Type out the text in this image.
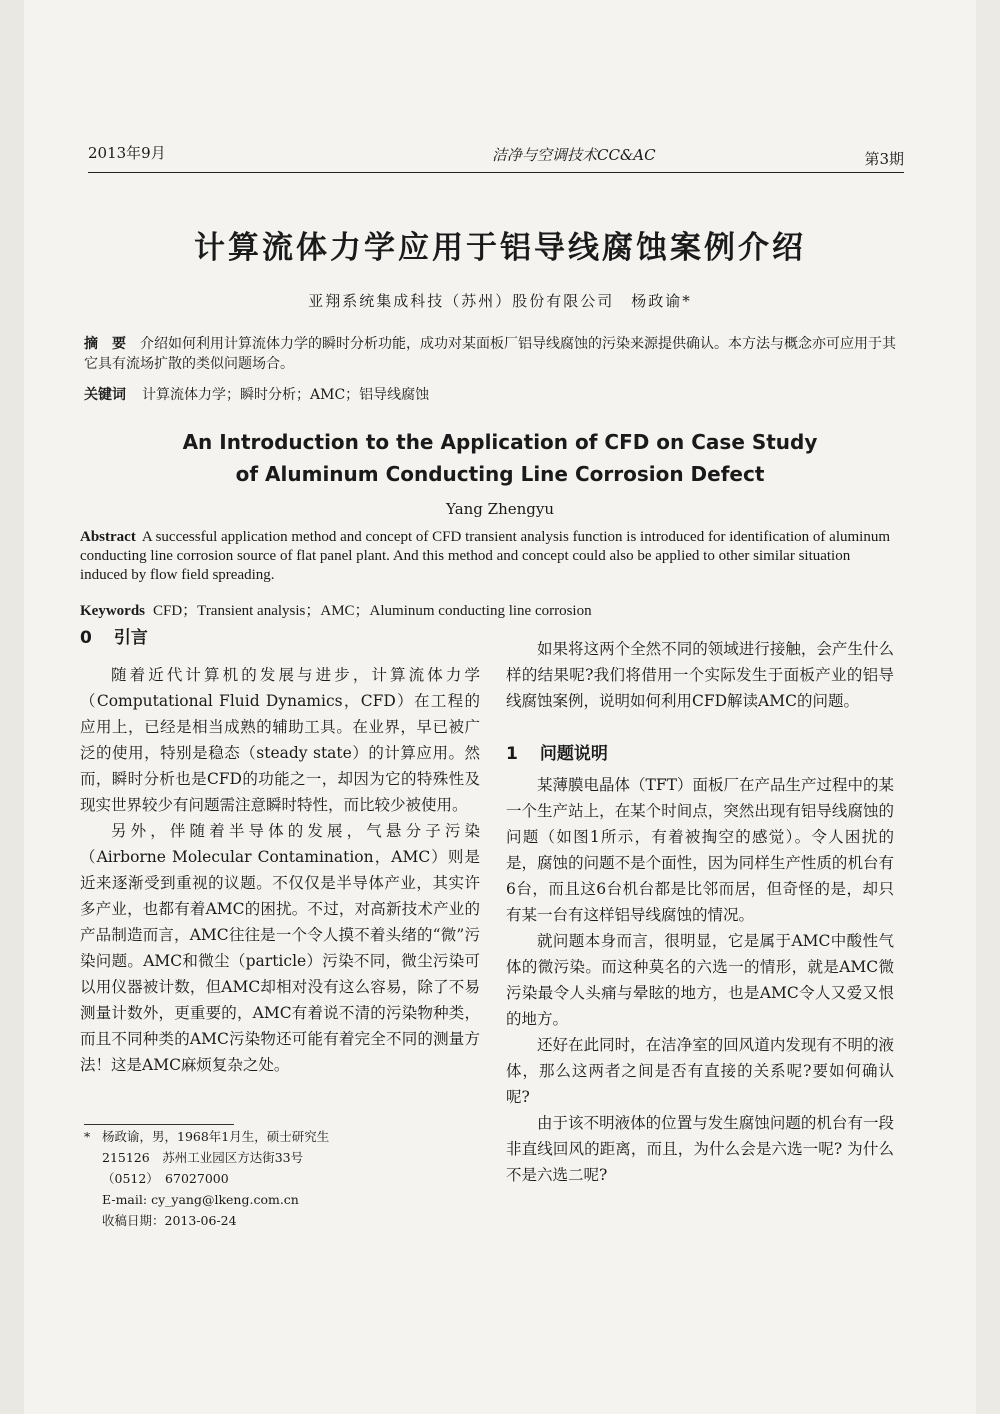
2013年9月	洁净与空调技术CC&AC	第3期
计算流体力学应用于铝导线腐蚀案例介绍
亚翔系统集成科技（苏州）股份有限公司　杨政谕*
摘　要 介绍如何利用计算流体力学的瞬时分析功能，成功对某面板厂铝导线腐蚀的污染来源提供确认。本方法与概念亦可应用于其它具有流场扩散的类似问题场合。
关键词 计算流体力学；瞬时分析；AMC；铝导线腐蚀
An Introduction to the Application of CFD on Case Study
of Aluminum Conducting Line Corrosion Defect
Yang Zhengyu
Abstract A successful application method and concept of CFD transient analysis function is introduced for identification of aluminum conducting line corrosion source of flat panel plant. And this method and concept could also be applied to other similar situation induced by flow field spreading.
Keywords CFD；Transient analysis；AMC；Aluminum conducting line corrosion
0 引言

随着近代计算机的发展与进步，计算流体力学（Computational Fluid Dynamics，CFD）在工程的应用上，已经是相当成熟的辅助工具。在业界，早已被广泛的使用，特别是稳态（steady state）的计算应用。然而，瞬时分析也是CFD的功能之一，却因为它的特殊性及现实世界较少有问题需注意瞬时特性，而比较少被使用。

另外，伴随着半导体的发展，气悬分子污染（Airborne Molecular Contamination，AMC）则是近来逐渐受到重视的议题。不仅仅是半导体产业，其实许多产业，也都有着AMC的困扰。不过，对高新技术产业的产品制造而言，AMC往往是一个令人摸不着头绪的“微”污染问题。AMC和微尘（particle）污染不同，微尘污染可以用仪器被计数，但AMC却相对没有这么容易，除了不易测量计数外，更重要的，AMC有着说不清的污染物种类，而且不同种类的AMC污染物还可能有着完全不同的测量方法！这是AMC麻烦复杂之处。

如果将这两个全然不同的领域进行接触，会产生什么样的结果呢?我们将借用一个实际发生于面板产业的铝导线腐蚀案例，说明如何利用CFD解读AMC的问题。

1 问题说明

某薄膜电晶体（TFT）面板厂在产品生产过程中的某一个生产站上，在某个时间点，突然出现有铝导线腐蚀的问题（如图1所示，有着被掏空的感觉）。令人困扰的是，腐蚀的问题不是个面性，因为同样生产性质的机台有6台，而且这6台机台都是比邻而居，但奇怪的是，却只有某一台有这样铝导线腐蚀的情况。

就问题本身而言，很明显，它是属于AMC中酸性气体的微污染。而这种莫名的六选一的情形，就是AMC微污染最令人头痛与晕眩的地方，也是AMC令人又爱又恨的地方。

还好在此同时，在洁净室的回风道内发现有不明的液体，那么这两者之间是否有直接的关系呢?要如何确认呢?

由于该不明液体的位置与发生腐蚀问题的机台有一段非直线回风的距离，而且，为什么会是六选一呢? 为什么不是六选二呢?

* 杨政谕，男，1968年1月生，硕士研究生
215126　苏州工业园区方达街33号
（0512）　67027000
E-mail: cy_yang@lkeng.com.cn
收稿日期：2013-06-24
